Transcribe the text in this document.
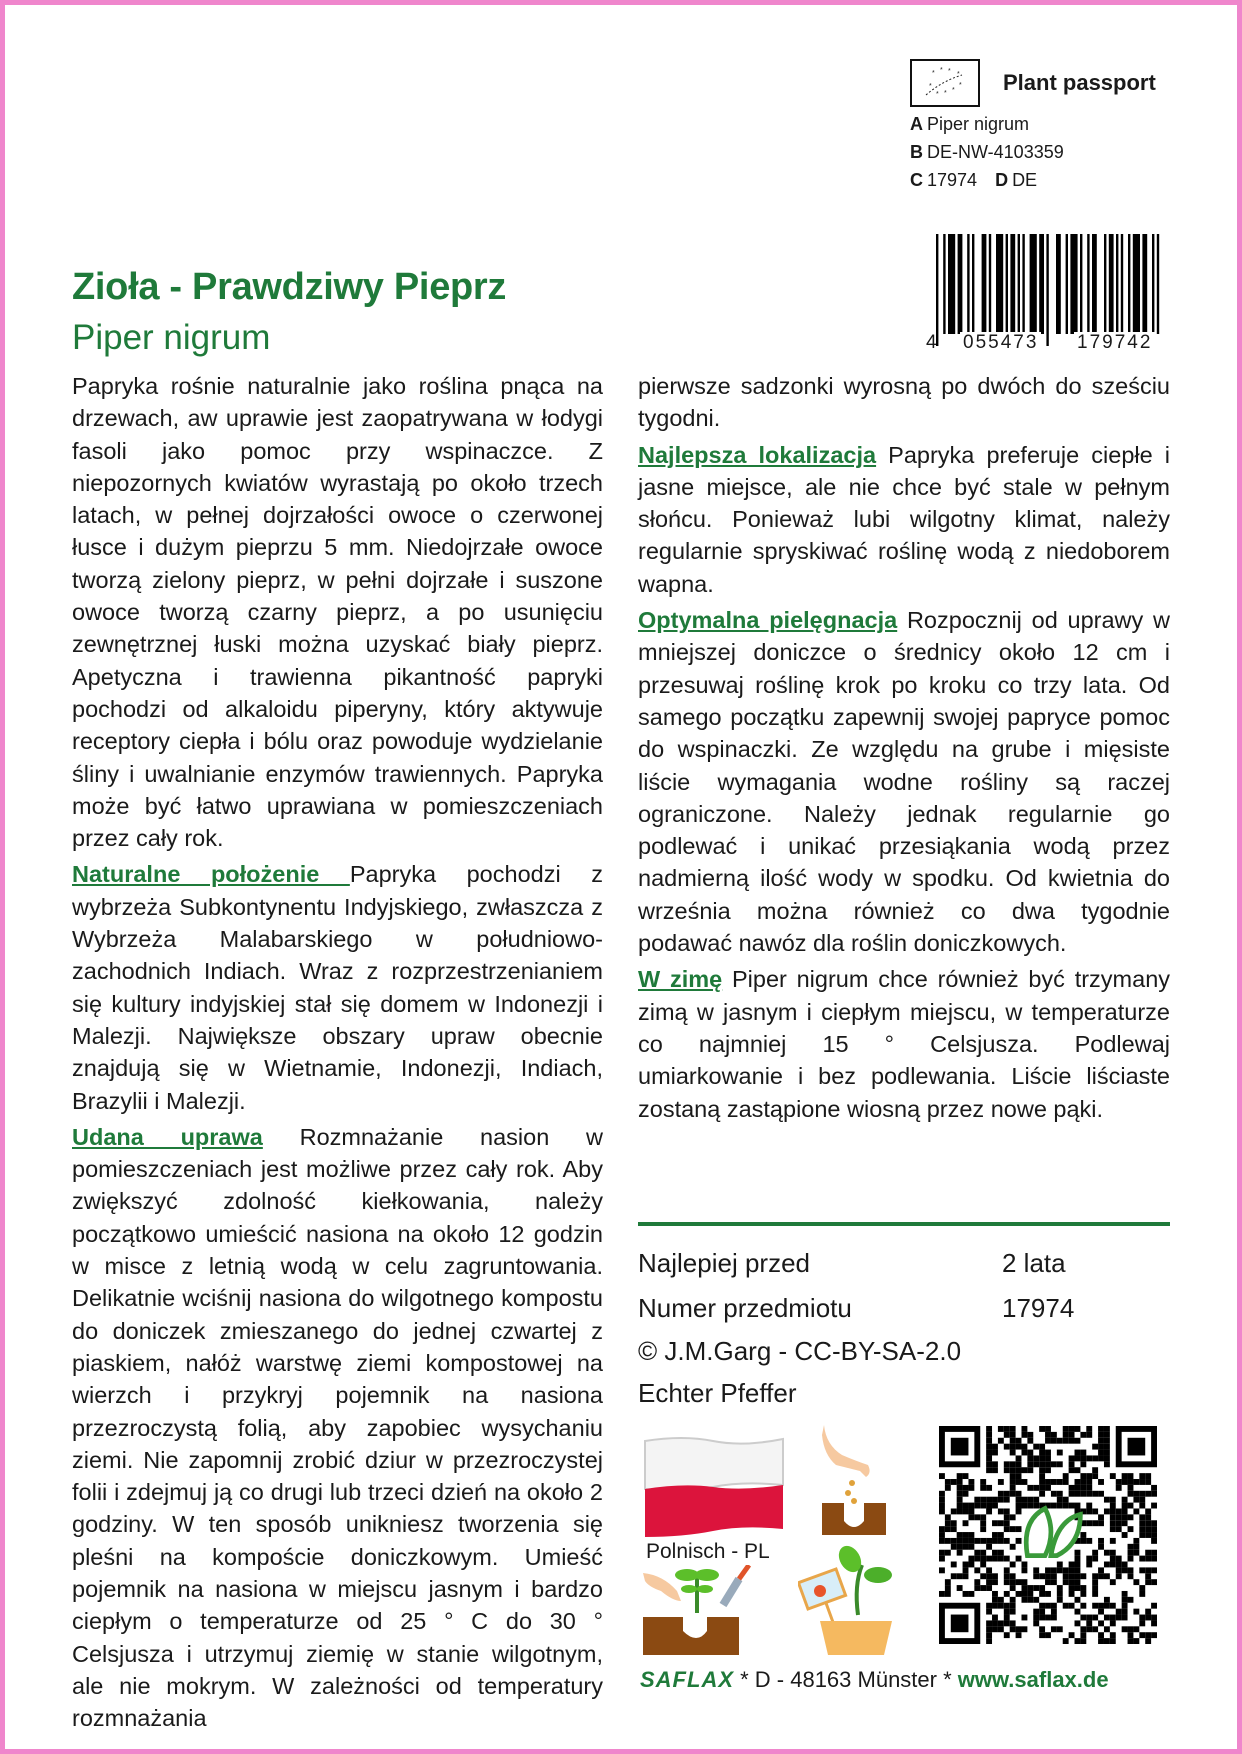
* * * *
*
* * *
* Plant passport
A Piper nigrum
B DE-NW-4103359
C 17974 D DE
4 055473 179742
Zioła - Prawdziwy Pieprz
Piper nigrum

Papryka rośnie naturalnie jako roślina pnąca na drzewach, aw uprawie jest zaopatrywana w łodygi fasoli jako pomoc przy wspinaczce. Z niepozornych kwiatów wyrastają po około trzech latach, w pełnej dojrzałości owoce o czerwonej łusce i dużym pieprzu 5 mm. Niedojrzałe owoce tworzą zielony pieprz, w pełni dojrzałe i suszone owoce tworzą czarny pieprz, a po usunięciu zewnętrznej łuski można uzyskać biały pieprz. Apetyczna i trawienna pikantność papryki pochodzi od alkaloidu piperyny, który aktywuje receptory ciepła i bólu oraz powoduje wydzielanie śliny i uwalnianie enzymów trawiennych. Papryka może być łatwo uprawiana w pomieszczeniach przez cały rok.

Naturalne położenie Papryka pochodzi z wybrzeża Subkontynentu Indyjskiego, zwłaszcza z Wybrzeża Malabarskiego w południowo-zachodnich Indiach. Wraz z rozprzestrzenianiem się kultury indyjskiej stał się domem w Indonezji i Malezji. Największe obszary upraw obecnie znajdują się w Wietnamie, Indonezji, Indiach, Brazylii i Malezji.

Udana uprawa Rozmnażanie nasion w pomieszczeniach jest możliwe przez cały rok. Aby zwiększyć zdolność kiełkowania, należy początkowo umieścić nasiona na około 12 godzin w misce z letnią wodą w celu zagruntowania. Delikatnie wciśnij nasiona do wilgotnego kompostu do doniczek zmieszanego do jednej czwartej z piaskiem, nałóż warstwę ziemi kompostowej na wierzch i przykryj pojemnik na nasiona przezroczystą folią, aby zapobiec wysychaniu ziemi. Nie zapomnij zrobić dziur w przezroczystej folii i zdejmuj ją co drugi lub trzeci dzień na około 2 godziny. W ten sposób unikniesz tworzenia się pleśni na kompoście doniczkowym. Umieść pojemnik na nasiona w miejscu jasnym i bardzo ciepłym o temperaturze od 25 ° C do 30 ° Celsjusza i utrzymuj ziemię w stanie wilgotnym, ale nie mokrym. W zależności od temperatury rozmnażania

pierwsze sadzonki wyrosną po dwóch do sześciu tygodni.

Najlepsza lokalizacja Papryka preferuje ciepłe i jasne miejsce, ale nie chce być stale w pełnym słońcu. Ponieważ lubi wilgotny klimat, należy regularnie spryskiwać roślinę wodą z niedoborem wapna.

Optymalna pielęgnacja Rozpocznij od uprawy w mniejszej doniczce o średnicy około 12 cm i przesuwaj roślinę krok po kroku co trzy lata. Od samego początku zapewnij swojej papryce pomoc do wspinaczki. Ze względu na grube i mięsiste liście wymagania wodne rośliny są raczej ograniczone. Należy jednak regularnie go podlewać i unikać przesiąkania wodą przez nadmierną ilość wody w spodku. Od kwietnia do września można również co dwa tygodnie podawać nawóz dla roślin doniczkowych.

W zimę Piper nigrum chce również być trzymany zimą w jasnym i ciepłym miejscu, w temperaturze co najmniej 15 ° Celsjusza. Podlewaj umiarkowanie i bez podlewania. Liście liściaste zostaną zastąpione wiosną przez nowe pąki.

Najlepiej przed	2 lata
Numer przedmiotu	17974
© J.M.Garg - CC-BY-SA-2.0
Echter Pfeffer
Polnisch - PL
SAFLAX * D - 48163 Münster * www.saflax.de
